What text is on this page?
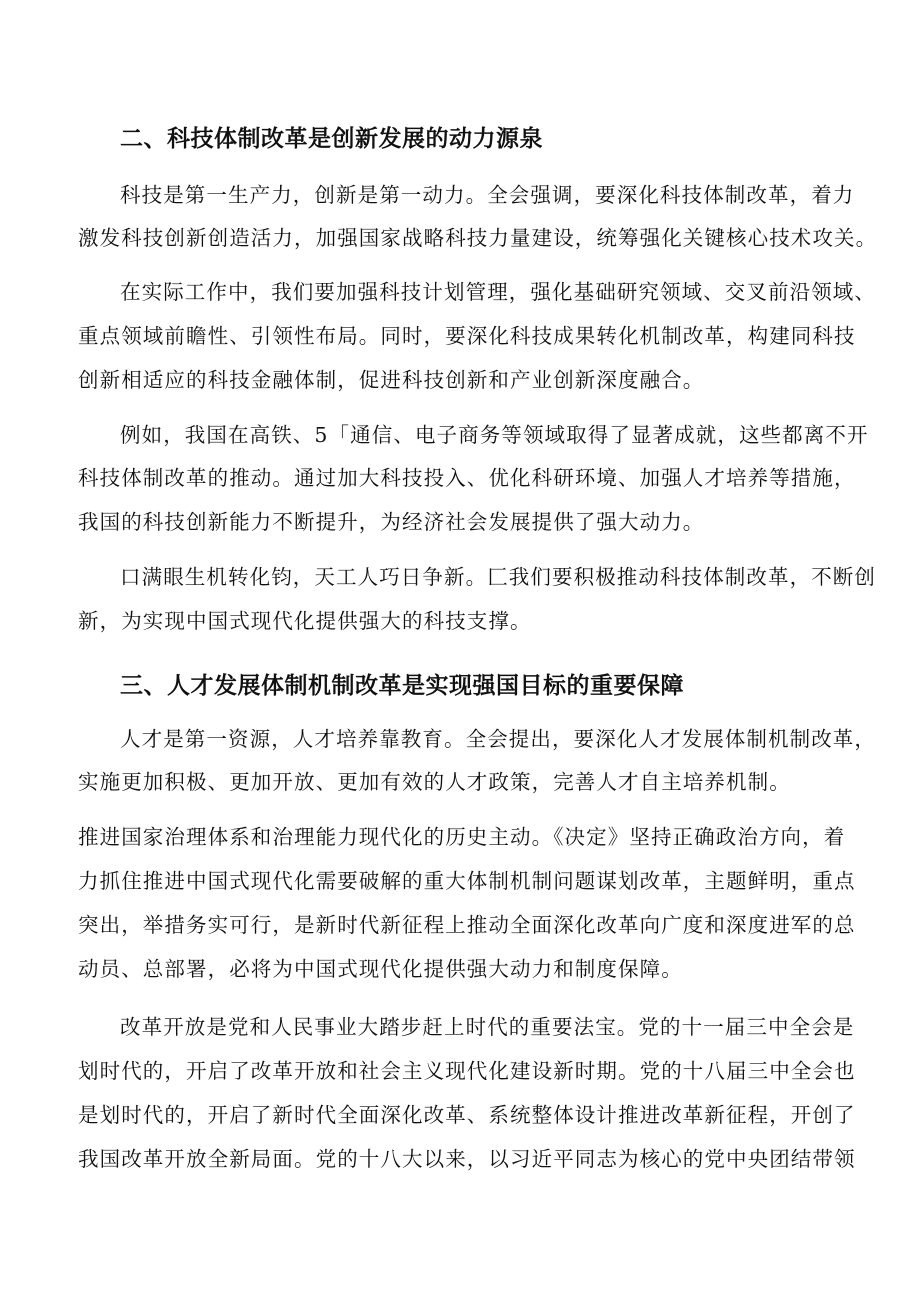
二、科技体制改革是创新发展的动力源泉
科技是第一生产力，创新是第一动力。全会强调，要深化科技体制改革，着力
激发科技创新创造活力，加强国家战略科技力量建设，统筹强化关键核心技术攻关。
在实际工作中，我们要加强科技计划管理，强化基础研究领域、交叉前沿领域、
重点领域前瞻性、引领性布局。同时，要深化科技成果转化机制改革，构建同科技
创新相适应的科技金融体制，促进科技创新和产业创新深度融合。
例如，我国在高铁、5「通信、电子商务等领域取得了显著成就，这些都离不开
科技体制改革的推动。通过加大科技投入、优化科研环境、加强人才培养等措施，
我国的科技创新能力不断提升，为经济社会发展提供了强大动力。
口满眼生机转化钧，天工人巧日争新。匚我们要积极推动科技体制改革，不断创
新，为实现中国式现代化提供强大的科技支撑。
三、人才发展体制机制改革是实现强国目标的重要保障
人才是第一资源，人才培养靠教育。全会提出，要深化人才发展体制机制改革，
实施更加积极、更加开放、更加有效的人才政策，完善人才自主培养机制。
推进国家治理体系和治理能力现代化的历史主动。《决定》坚持正确政治方向，着
力抓住推进中国式现代化需要破解的重大体制机制问题谋划改革，主题鲜明，重点
突出，举措务实可行，是新时代新征程上推动全面深化改革向广度和深度进军的总
动员、总部署，必将为中国式现代化提供强大动力和制度保障。
改革开放是党和人民事业大踏步赶上时代的重要法宝。党的十一届三中全会是
划时代的，开启了改革开放和社会主义现代化建设新时期。党的十八届三中全会也
是划时代的，开启了新时代全面深化改革、系统整体设计推进改革新征程，开创了
我国改革开放全新局面。党的十八大以来，以习近平同志为核心的党中央团结带领
